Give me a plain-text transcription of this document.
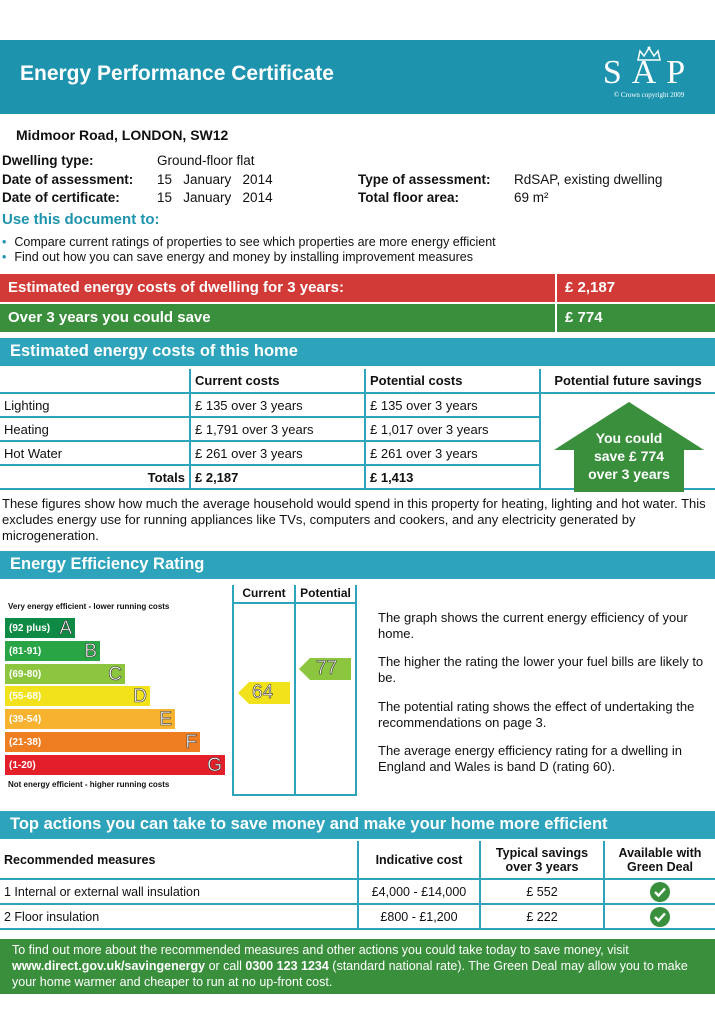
Energy Performance Certificate	SAP
© Crown copyright 2009
Midmoor Road, LONDON, SW12
Dwelling type:	Ground-floor flat
Date of assessment: 15   January   2014
Date of certificate:	15   January   2014
Type of assessment: RdSAP, existing dwelling
Total floor area:	69 m²
Use this document to:
• Compare current ratings of properties to see which properties are more energy efficient
• Find out how you can save energy and money by installing improvement measures
Estimated energy costs of dwelling for 3 years:	£ 2,187
Over 3 years you could save	£ 774
Estimated energy costs of this home
	Current costs	Potential costs	Potential future savings
Lighting	£ 135 over 3 years	£ 135 over 3 years	You could
save £ 774
over 3 years

Heating	£ 1,791 over 3 years	£ 1,017 over 3 years	
Hot Water	£ 261 over 3 years	£ 261 over 3 years	
Totals	£ 2,187	£ 1,413	
These figures show how much the average household would spend in this property for heating, lighting and hot water. This excludes energy use for running appliances like TVs, computers and cookers, and any electricity generated by microgeneration.
Energy Efficiency Rating
Current	Potential
Very energy efficient - lower running costs
(92 plus) A
(81-91) B
(69-80)	C
(55-68)	D
(39-54)	E
(21-38)	F
(1-20)	G
Not energy efficient - higher running costs
64
77
The graph shows the current energy efficiency of your home.
The higher the rating the lower your fuel bills are likely to be.
The potential rating shows the effect of undertaking the recommendations on page 3.
The average energy efficiency rating for a dwelling in England and Wales is band D (rating 60).
Top actions you can take to save money and make your home more efficient
Recommended measures	Indicative cost	Typical savings over 3 years	Available with Green Deal
1 Internal or external wall insulation	£4,000 - £14,000	£ 552	
2 Floor insulation	£800 - £1,200	£ 222	
To find out more about the recommended measures and other actions you could take today to save money, visit
www.direct.gov.uk/savingenergy or call 0300 123 1234 (standard national rate). The Green Deal may allow you to make your home warmer and cheaper to run at no up-front cost.
